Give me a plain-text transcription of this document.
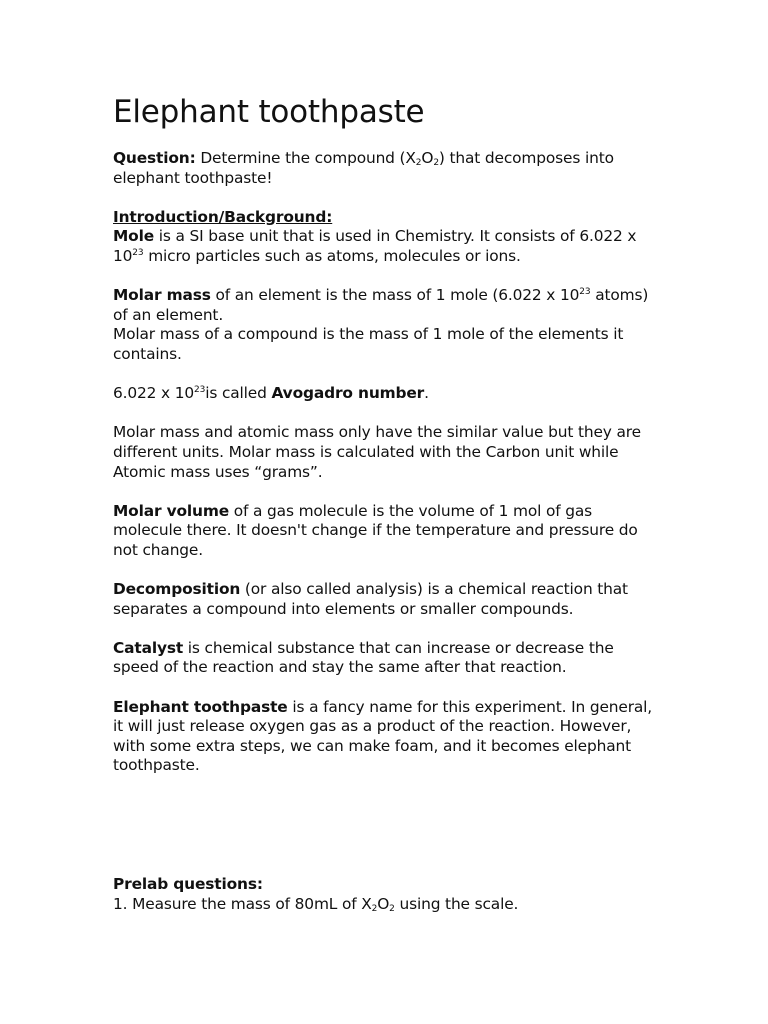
Elephant toothpaste

Question: Determine the compound $(X_2O_2)$ that decomposes into elephant toothpaste!

Introduction/Background:
Mole is a SI base unit that is used in Chemistry. It consists of 6.022 x $10^{23}$ micro particles such as atoms, molecules or ions.
Molar mass of an element is the mass of 1 mole (6.022 x $10^{23}$ atoms) of an element.
Molar mass of a compound is the mass of 1 mole of the elements it contains.

6.022 x $10^{23}is$ called Avogadro number.

Molar mass and atomic mass only have the similar value but they are different units. Molar mass is calculated with the Carbon unit while Atomic mass uses “grams”.

Molar volume of a gas molecule is the volume of 1 mol of gas molecule there. It doesn't change if the temperature and pressure do not change.

Decomposition (or also called analysis) is a chemical reaction that separates a compound into elements or smaller compounds.

Catalyst is chemical substance that can increase or decrease the speed of the reaction and stay the same after that reaction.

Elephant toothpaste is a fancy name for this experiment. In general, it will just release oxygen gas as a product of the reaction. However, with some extra steps, we can make foam, and it becomes elephant toothpaste.

Prelab questions:
1. Measure the mass of 80mL of $X_2O_2$ using the scale.
